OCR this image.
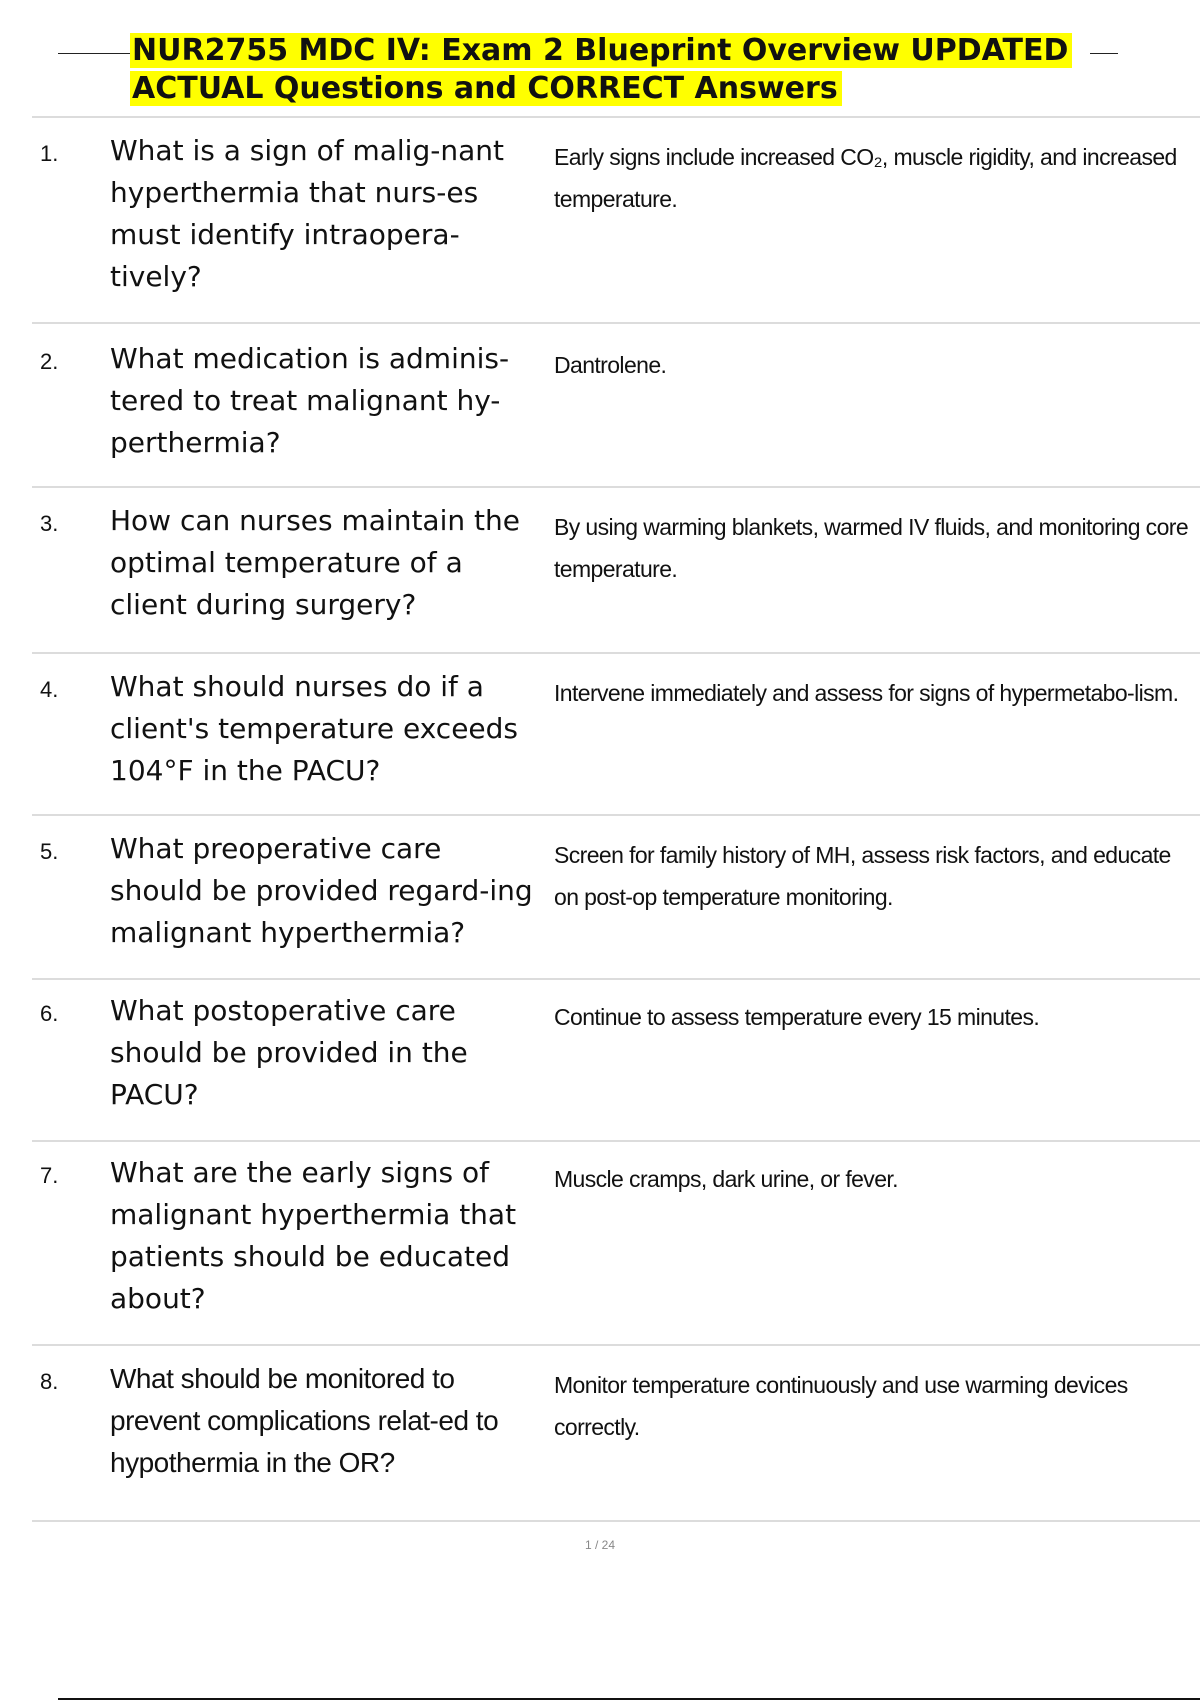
NUR2755 MDC IV: Exam 2 Blueprint Overview UPDATED
ACTUAL Questions and CORRECT Answers
1. What is a sign of malig-nant hyperthermia that nurs-es must identify intraopera-tively?
Early signs include increased CO₂, muscle rigidity, and increased temperature.
2. What medication is adminis-tered to treat malignant hy-perthermia?
Dantrolene.
3. How can nurses maintain the optimal temperature of a client during surgery?
By using warming blankets, warmed IV fluids, and monitoring core temperature.
4. What should nurses do if a client's temperature exceeds 104°F in the PACU?
Intervene immediately and assess for signs of hypermetabo-lism.
5. What preoperative care should be provided regard-ing malignant hyperthermia?
Screen for family history of MH, assess risk factors, and educate on post-op temperature monitoring.
6. What postoperative care should be provided in the PACU?
Continue to assess temperature every 15 minutes.
7. What are the early signs of malignant hyperthermia that patients should be educated about?
Muscle cramps, dark urine, or fever.
8. What should be monitored to prevent complications relat-ed to hypothermia in the OR?
Monitor temperature continuously and use warming devices correctly.
1 / 24
